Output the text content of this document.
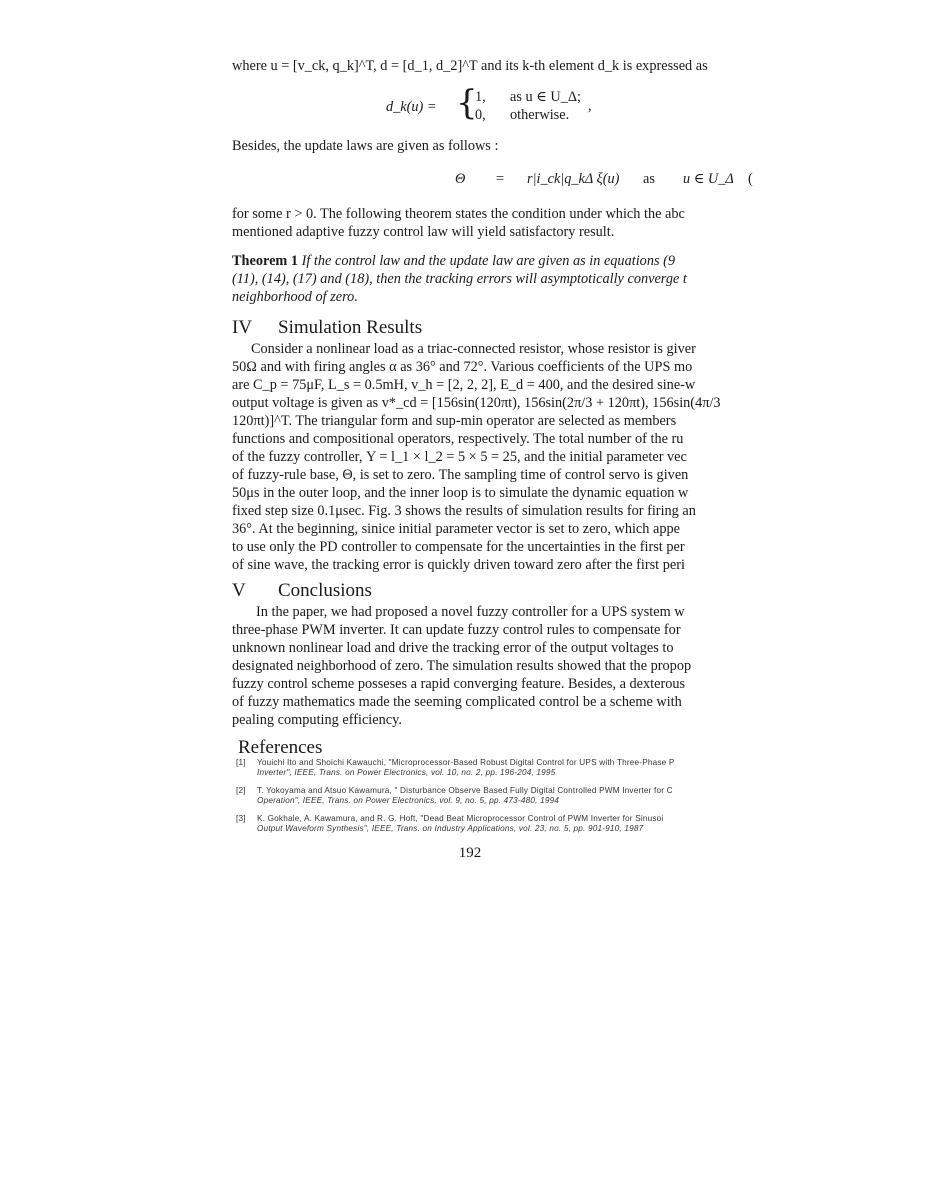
where u = [v_ck, q_k]^T, d = [d_1, d_2]^T and its k-th element d_k is expressed as
d_k(u) = {
1, as u ∈ U_Δ;
0, otherwise.
,
Besides, the update laws are given as follows :
Θ̇ = r|i_ck|q_kΔ ξ(u) as u ∈ U_Δ (
for some r > 0. The following theorem states the condition under which the abc
mentioned adaptive fuzzy control law will yield satisfactory result.
Theorem 1 If the control law and the update law are given as in equations (9
(11), (14), (17) and (18), then the tracking errors will asymptotically converge t
neighborhood of zero.
IV Simulation Results
Consider a nonlinear load as a triac-connected resistor, whose resistor is giver
50Ω and with firing angles α as 36° and 72°. Various coefficients of the UPS mo
are C_p = 75μF, L_s = 0.5mH, v_h = [2, 2, 2], E_d = 400, and the desired sine-w
output voltage is given as v*_cd = [156sin(120πt), 156sin(2π/3 + 120πt), 156sin(4π/3
120πt)]^T. The triangular form and sup-min operator are selected as members
functions and compositional operators, respectively. The total number of the ru
of the fuzzy controller, Υ = l_1 × l_2 = 5 × 5 = 25, and the initial parameter vec
of fuzzy-rule base, Θ, is set to zero. The sampling time of control servo is given
50μs in the outer loop, and the inner loop is to simulate the dynamic equation w
fixed step size 0.1μsec. Fig. 3 shows the results of simulation results for firing an
36°. At the beginning, sinice initial parameter vector is set to zero, which appe
to use only the PD controller to compensate for the uncertainties in the first per
of sine wave, the tracking error is quickly driven toward zero after the first peri
V Conclusions
In the paper, we had proposed a novel fuzzy controller for a UPS system w
three-phase PWM inverter. It can update fuzzy control rules to compensate for
unknown nonlinear load and drive the tracking error of the output voltages to
designated neighborhood of zero. The simulation results showed that the propop
fuzzy control scheme posseses a rapid converging feature. Besides, a dexterous
of fuzzy mathematics made the seeming complicated control be a scheme with
pealing computing efficiency.
References
[1] Youichi Ito and Shoichi Kawauchi, "Microprocessor-Based Robust Digital Control for UPS with Three-Phase P
Inverter", IEEE, Trans. on Power Electronics, vol. 10, no. 2, pp. 196-204, 1995
[2] T. Yokoyama and Atsuo Kawamura, " Disturbance Observe Based Fully Digital Controlled PWM Inverter for C
Operation", IEEE, Trans. on Power Electronics, vol. 9, no. 5, pp. 473-480, 1994
[3] K. Gokhale, A. Kawamura, and R. G. Hoft, "Dead Beat Microprocessor Control of PWM Inverter for Sinusoi
Output Waveform Synthesis", IEEE, Trans. on Industry Applications, vol. 23, no. 5, pp. 901-910, 1987
192
